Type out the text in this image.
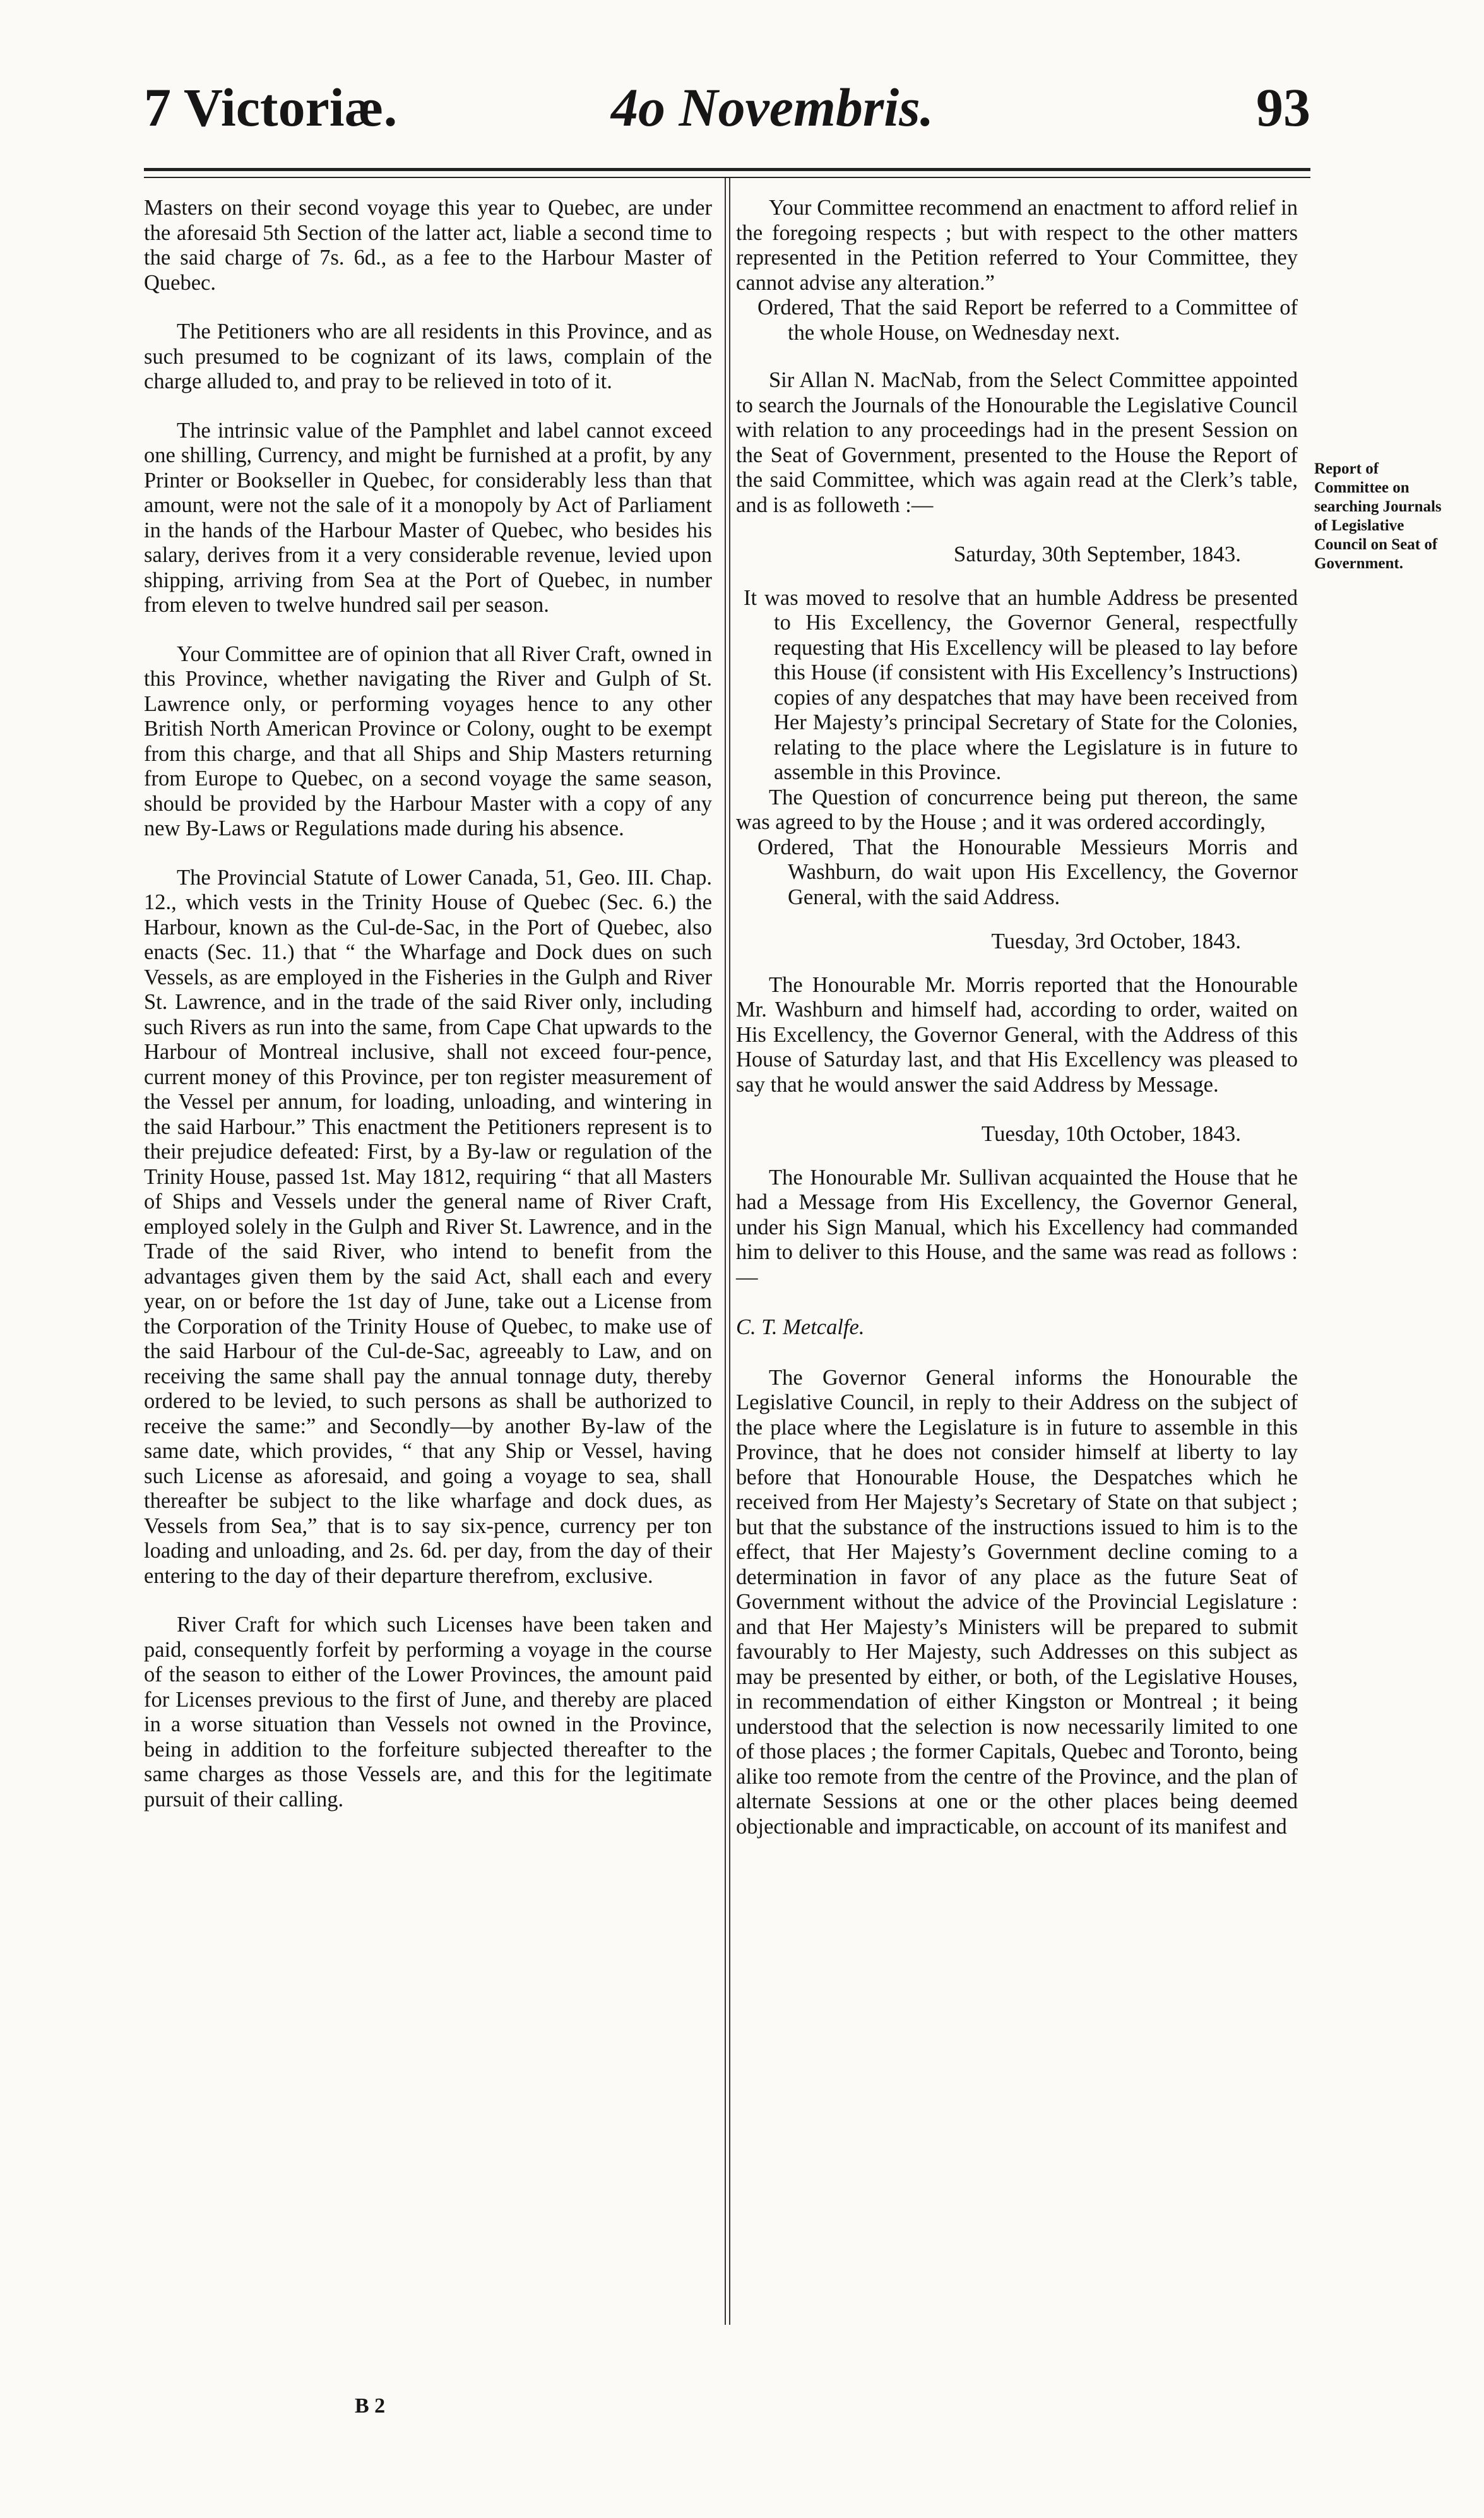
7 Victoriæ.	4o Novembris.	93

Masters on their second voyage this year to Quebec, are under the aforesaid 5th Section of the latter act, liable a second time to the said charge of 7s. 6d., as a fee to the Harbour Master of Quebec.

The Petitioners who are all residents in this Province, and as such presumed to be cognizant of its laws, complain of the charge alluded to, and pray to be relieved in toto of it.

The intrinsic value of the Pamphlet and label cannot exceed one shilling, Currency, and might be furnished at a profit, by any Printer or Bookseller in Quebec, for considerably less than that amount, were not the sale of it a monopoly by Act of Parliament in the hands of the Harbour Master of Quebec, who besides his salary, derives from it a very considerable revenue, levied upon shipping, arriving from Sea at the Port of Quebec, in number from eleven to twelve hundred sail per season.

Your Committee are of opinion that all River Craft, owned in this Province, whether navigating the River and Gulph of St. Lawrence only, or performing voyages hence to any other British North American Province or Colony, ought to be exempt from this charge, and that all Ships and Ship Masters returning from Europe to Quebec, on a second voyage the same season, should be provided by the Harbour Master with a copy of any new By-Laws or Regulations made during his absence.

The Provincial Statute of Lower Canada, 51, Geo. III. Chap. 12., which vests in the Trinity House of Quebec (Sec. 6.) the Harbour, known as the Cul-de-Sac, in the Port of Quebec, also enacts (Sec. 11.) that “ the Wharfage and Dock dues on such Vessels, as are employed in the Fisheries in the Gulph and River St. Lawrence, and in the trade of the said River only, including such Rivers as run into the same, from Cape Chat upwards to the Harbour of Montreal inclusive, shall not exceed four-pence, current money of this Province, per ton register measurement of the Vessel per annum, for loading, unloading, and wintering in the said Harbour.” This enactment the Petitioners represent is to their prejudice defeated: First, by a By-law or regulation of the Trinity House, passed 1st. May 1812, requiring “ that all Masters of Ships and Vessels under the general name of River Craft, employed solely in the Gulph and River St. Lawrence, and in the Trade of the said River, who intend to benefit from the advantages given them by the said Act, shall each and every year, on or before the 1st day of June, take out a License from the Corporation of the Trinity House of Quebec, to make use of the said Harbour of the Cul-de-Sac, agreeably to Law, and on receiving the same shall pay the annual tonnage duty, thereby ordered to be levied, to such persons as shall be authorized to receive the same:” and Secondly—by another By-law of the same date, which provides, “ that any Ship or Vessel, having such License as aforesaid, and going a voyage to sea, shall thereafter be subject to the like wharfage and dock dues, as Vessels from Sea,” that is to say six-pence, currency per ton loading and unloading, and 2s. 6d. per day, from the day of their entering to the day of their departure therefrom, exclusive.

River Craft for which such Licenses have been taken and paid, consequently forfeit by performing a voyage in the course of the season to either of the Lower Provinces, the amount paid for Licenses previous to the first of June, and thereby are placed in a worse situation than Vessels not owned in the Province, being in addition to the forfeiture subjected thereafter to the same charges as those Vessels are, and this for the legitimate pursuit of their calling.

Your Committee recommend an enactment to afford relief in the foregoing respects ; but with respect to the other matters represented in the Petition referred to Your Committee, they cannot advise any alteration.”

Ordered, That the said Report be referred to a Committee of the whole House, on Wednesday next.

Sir Allan N. MacNab, from the Select Committee appointed to search the Journals of the Honourable the Legislative Council with relation to any proceedings had in the present Session on the Seat of Government, presented to the House the Report of the said Committee, which was again read at the Clerk’s table, and is as followeth :—

Saturday, 30th September, 1843.

It was moved to resolve that an humble Address be presented to His Excellency, the Governor General, respectfully requesting that His Excellency will be pleased to lay before this House (if consistent with His Excellency’s Instructions) copies of any despatches that may have been received from Her Majesty’s principal Secretary of State for the Colonies, relating to the place where the Legislature is in future to assemble in this Province.

The Question of concurrence being put thereon, the same was agreed to by the House ; and it was ordered accordingly,

Ordered, That the Honourable Messieurs Morris and Washburn, do wait upon His Excellency, the Governor General, with the said Address.

Tuesday, 3rd October, 1843.

The Honourable Mr. Morris reported that the Honourable Mr. Washburn and himself had, according to order, waited on His Excellency, the Governor General, with the Address of this House of Saturday last, and that His Excellency was pleased to say that he would answer the said Address by Message.

Tuesday, 10th October, 1843.

The Honourable Mr. Sullivan acquainted the House that he had a Message from His Excellency, the Governor General, under his Sign Manual, which his Excellency had commanded him to deliver to this House, and the same was read as follows :—

C. T. Metcalfe.

The Governor General informs the Honourable the Legislative Council, in reply to their Address on the subject of the place where the Legislature is in future to assemble in this Province, that he does not consider himself at liberty to lay before that Honourable House, the Despatches which he received from Her Majesty’s Secretary of State on that subject ; but that the substance of the instructions issued to him is to the effect, that Her Majesty’s Government decline coming to a determination in favor of any place as the future Seat of Government without the advice of the Provincial Legislature : and that Her Majesty’s Ministers will be prepared to submit favourably to Her Majesty, such Addresses on this subject as may be presented by either, or both, of the Legislative Houses, in recommendation of either Kingston or Montreal ; it being understood that the selection is now necessarily limited to one of those places ; the former Capitals, Quebec and Toronto, being alike too remote from the centre of the Province, and the plan of alternate Sessions at one or the other places being deemed objectionable and impracticable, on account of its manifest and

Report of Committee on searching Journals of Legislative Council on Seat of Government.
B 2
